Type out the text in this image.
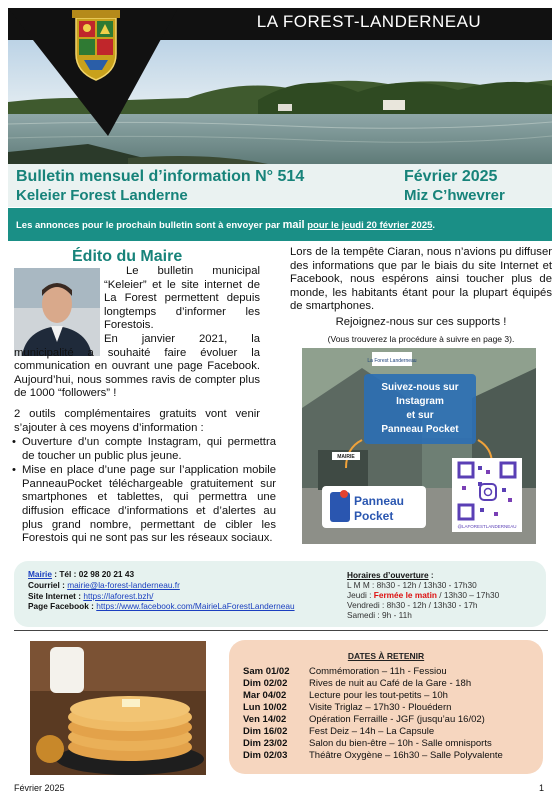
LA FOREST-LANDERNEAU
Bulletin mensuel d’information N° 514
Keleier Forest Landerne
Février 2025
Miz C’hwevrer
Les annonces pour le prochain bulletin sont à envoyer par mail pour le jeudi 20 février 2025.
Édito du Maire
Le bulletin municipal “Keleier” et le site internet de La Forest permettent depuis longtemps d’informer les Forestois.
En janvier 2021, la municipalité a souhaité faire évoluer la communication en ouvrant une page Facebook. Aujourd’hui, nous sommes ravis de compter plus de 1000 “followers” !
2 outils complémentaires gratuits vont venir s’ajouter à ces moyens d’information :
• Ouverture d’un compte Instagram, qui permettra de toucher un public plus jeune.
• Mise en place d’une page sur l’application mobile PanneauPocket téléchargeable gratuitement sur smartphones et tablettes, qui permettra une diffusion efficace d’informations et d’alertes au plus grand nombre, permettant de cibler les Forestois qui ne sont pas sur les réseaux sociaux.
Lors de la tempête Ciaran, nous n’avions pu diffuser des informations que par le biais du site Internet et Facebook, nous espérons ainsi toucher plus de monde, les habitants étant pour la plupart équipés de smartphones.
Rejoignez-nous sur ces supports !
(Vous trouverez la procédure à suivre en page 3).
La Forest Landerneau
Suivez-nous sur
Instagram
et sur
Panneau Pocket
MAIRIE
Panneau
Pocket
@LAFORESTLANDERNEAU
Mairie : Tél : 02 98 20 21 43
Courriel : mairie@la-forest-landerneau.fr
Site Internet : https://laforest.bzh/
Page Facebook : https://www.facebook.com/MairieLaForestLanderneau
Horaires d’ouverture :
L M M : 8h30 - 12h / 13h30 - 17h30
Jeudi : Fermée le matin / 13h30 – 17h30
Vendredi : 8h30 - 12h / 13h30 - 17h
Samedi : 9h - 11h
DATES À RETENIR
Sam 01/02 Commémoration – 11h - Fessiou
Dim 02/02 Rives de nuit au Café de la Gare - 18h
Mar 04/02 Lecture pour les tout-petits – 10h
Lun 10/02 Visite Triglaz – 17h30 - Plouédern
Ven 14/02 Opération Ferraille - JGF (jusqu’au 16/02)
Dim 16/02 Fest Deiz – 14h – La Capsule
Dim 23/02 Salon du bien-être – 10h - Salle omnisports
Dim 02/03 Théâtre Oxygène – 16h30 – Salle Polyvalente
Février 2025	1
